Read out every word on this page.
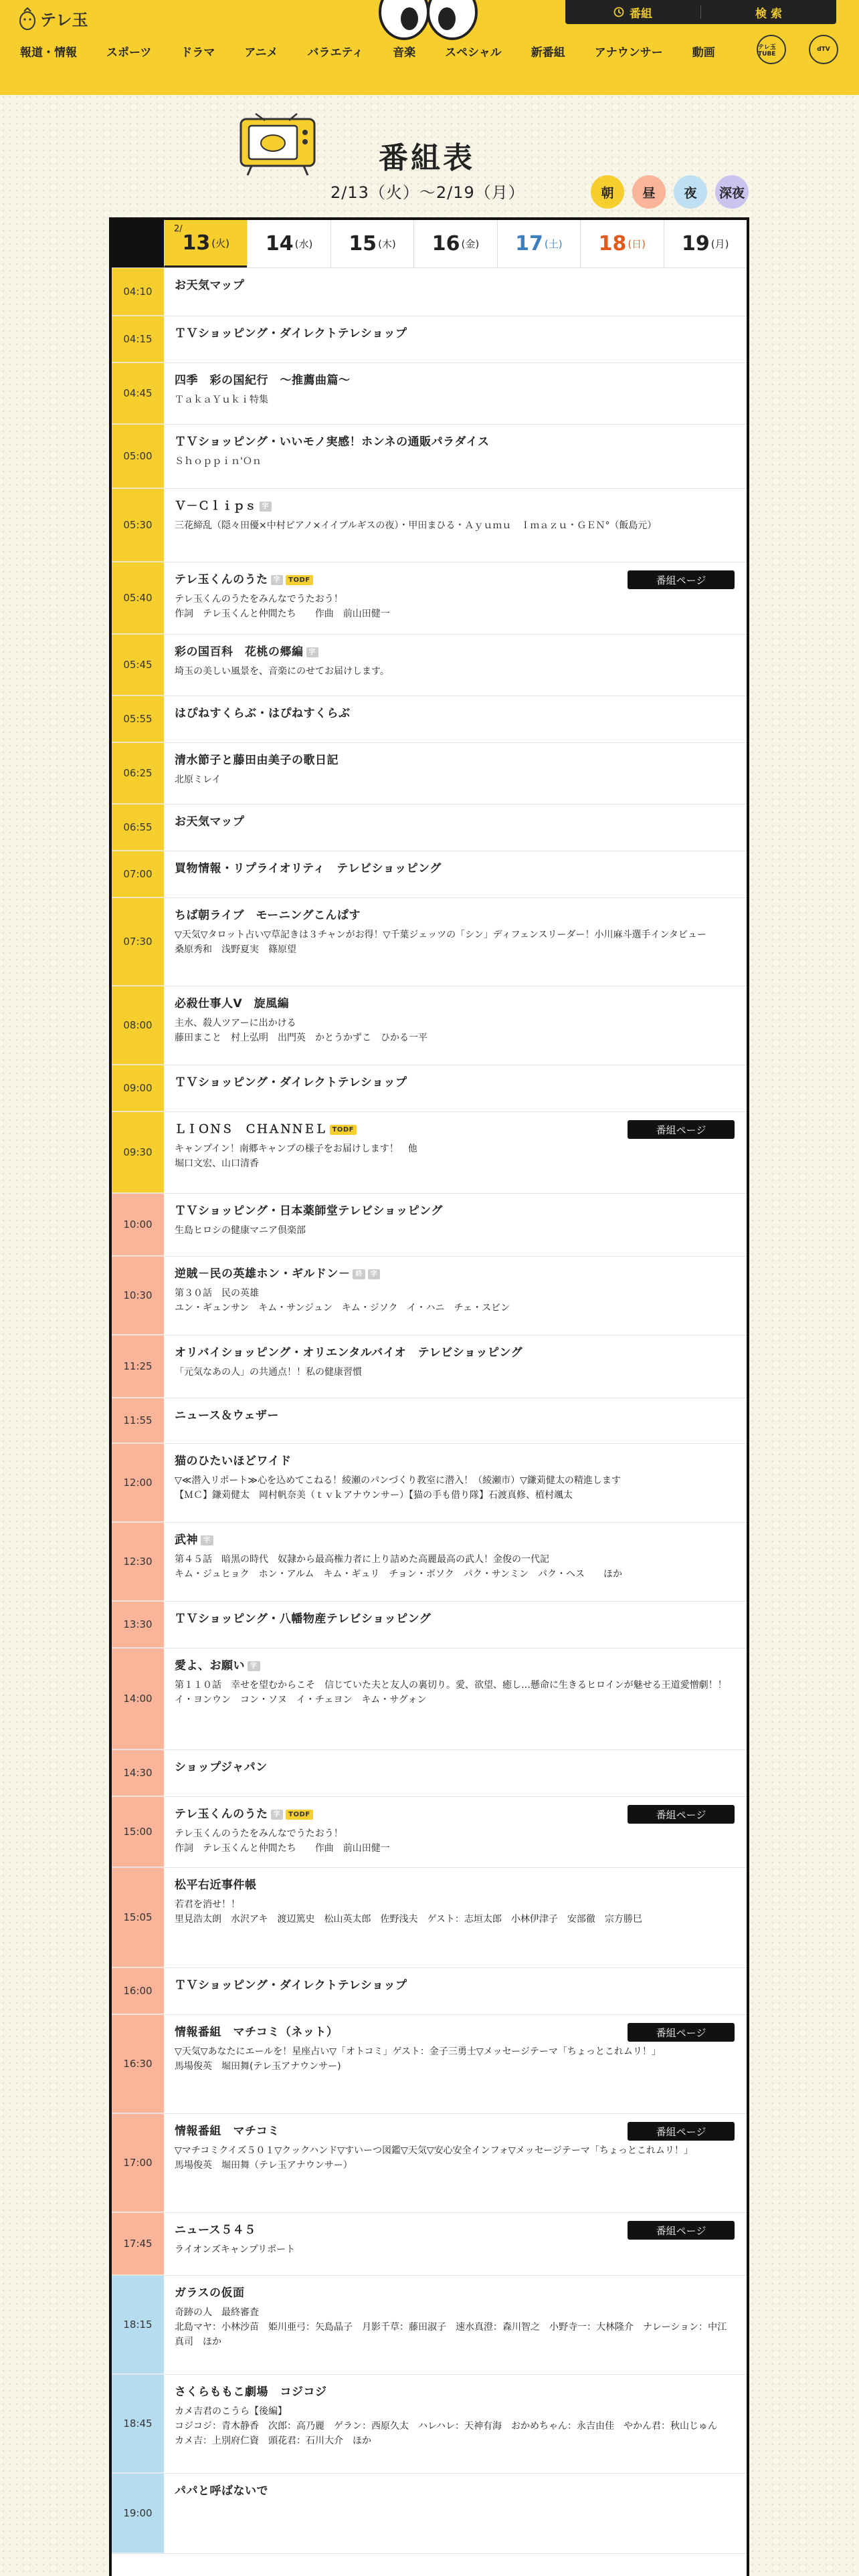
テレ玉	番組	検 索
報道・情報	スポーツ	ドラマ	アニメ	バラエティ	音楽	スペシャル	新番組	アナウンサー	動画	テレ玉TUBE
dTV
番組表
2/13（火）〜2/19（月）	朝	昼	夜	深夜
2/
13 (火) 14 (水) 15 (木) 16 (金) 17 (土) 18 (日) 19 (月)
04:10	お天気マップ
04:15	ＴＶショッピング・ダイレクトテレショップ
04:45
四季　彩の国紀行　～推薦曲篇～
ＴａｋａＹｕｋｉ特集
05:00
ＴＶショッピング・いいモノ実感！ホンネの通販パラダイス
Ｓｈｏｐｐｉｎ'Ｏｎ
05:30
Ｖ－Ｃｌｉｐｓ 字
三花締乱（隠々田優×中村ピアノ×イイブルギスの夜）・甲田まひる・Ａｙｕｍｕ　Ｉｍａｚｕ・ＧＥＮ°（飯島元）
05:40
テレ玉くんのうた 字 TODF
テレ玉くんのうたをみんなでうたおう！
作詞　テレ玉くんと仲間たち　　作曲　前山田健一
番組ページ
05:45
彩の国百科　花桃の郷編 字
埼玉の美しい風景を、音楽にのせてお届けします。
05:55	はぴねすくらぶ・はぴねすくらぶ
06:25
清水節子と藤田由美子の歌日記
北原ミレイ
06:55	お天気マップ
07:00	買物情報・リプライオリティ　テレビショッピング
07:30
ちば朝ライブ　モーニングこんぱす
▽天気▽タロット占い▽草記きは３チャンがお得！▽千葉ジェッツの「シン」ディフェンスリーダー！小川麻斗選手インタビュー
桑原秀和　浅野夏実　篠原望
08:00
必殺仕事人Ⅴ　旋風編
主水、殺人ツアーに出かける
藤田まこと　村上弘明　出門英　かとうかずこ　ひかる一平
09:00	ＴＶショッピング・ダイレクトテレショップ
09:30
ＬＩＯＮＳ　ＣＨＡＮＮＥＬ TODF
キャンプイン！南郷キャンプの様子をお届けします！　他
堀口文宏、山口清香
番組ページ
10:00
ＴＶショッピング・日本薬師堂テレビショッピング
生島ヒロシの健康マニア倶楽部
10:30
逆賊－民の英雄ホン・ギルドン－ 終 字
第３０話　民の英雄
ユン・ギュンサン　キム・サンジュン　キム・ジソク　イ・ハニ　チェ・スビン
11:25
オリバイショッピング・オリエンタルバイオ　テレビショッピング
「元気なあの人」の共通点！！私の健康習慣
11:55	ニュース＆ウェザー
12:00
猫のひたいほどワイド
▽≪潜入リポート≫心を込めてこねる！綾瀬のパンづくり教室に潜入！（綾瀬市）▽鎌苅健太の精進します
【ＭＣ】鎌苅健太　岡村帆奈美（ｔｖｋアナウンサー）【猫の手も借り隊】石渡真修、植村颯太
12:30
武神 字
第４５話　暗黒の時代　奴隷から最高権力者に上り詰めた高麗最高の武人！金俊の一代記
キム・ジュヒョク　ホン・アルム　キム・ギュリ　チョン・ボソク　パク・サンミン　パク・ヘス　　ほか
13:30	ＴＶショッピング・八幡物産テレビショッピング
14:00
愛よ、お願い 字
第１１０話　幸せを望むからこそ　信じていた夫と友人の裏切り。愛、欲望、癒し…懸命に生きるヒロインが魅せる王道愛憎劇！！
イ・ヨンウン　コン・ソヌ　イ・チェヨン　キム・サグォン
14:30	ショップジャパン
15:00
テレ玉くんのうた 字 TODF
テレ玉くんのうたをみんなでうたおう！
作詞　テレ玉くんと仲間たち　　作曲　前山田健一
番組ページ
15:05
松平右近事件帳
若君を消せ！！
里見浩太朗　水沢アキ　渡辺篤史　松山英太郎　佐野浅夫　ゲスト：志垣太郎　小林伊津子　安部徹　宗方勝巳
16:00	ＴＶショッピング・ダイレクトテレショップ
16:30
情報番組　マチコミ（ネット）
▽天気▽あなたにエールを！星座占い▽「オトコミ」ゲスト：金子三勇士▽メッセージテーマ「ちょっとこれムリ！」
馬場俊英　堀田舞(テレ玉アナウンサー)
番組ページ
17:00
情報番組　マチコミ
▽マチコミクイズ５０１▽クックハンド▽すいーつ図鑑▽天気▽安心安全インフォ▽メッセージテーマ「ちょっとこれムリ！」
馬場俊英　堀田舞（テレ玉アナウンサー）
番組ページ
17:45
ニュース５４５
ライオンズキャンプリポート
番組ページ
18:15
ガラスの仮面
奇跡の人　最終審査
北島マヤ：小林沙苗　姫川亜弓：矢島晶子　月影千草：藤田淑子　速水真澄：森川智之　小野寺一：大林隆介　ナレーション：中江真司　ほか
18:45
さくらももこ劇場　コジコジ
カメ吉君のこうら【後編】
コジコジ：青木静香　次郎：高乃麗　ゲラン：西原久太　ハレハレ：天神有海　おかめちゃん：永吉由佳　やかん君：秋山じゅん　カメ吉：上別府仁資　頭花君：石川大介　ほか
19:00
パパと呼ばないで
